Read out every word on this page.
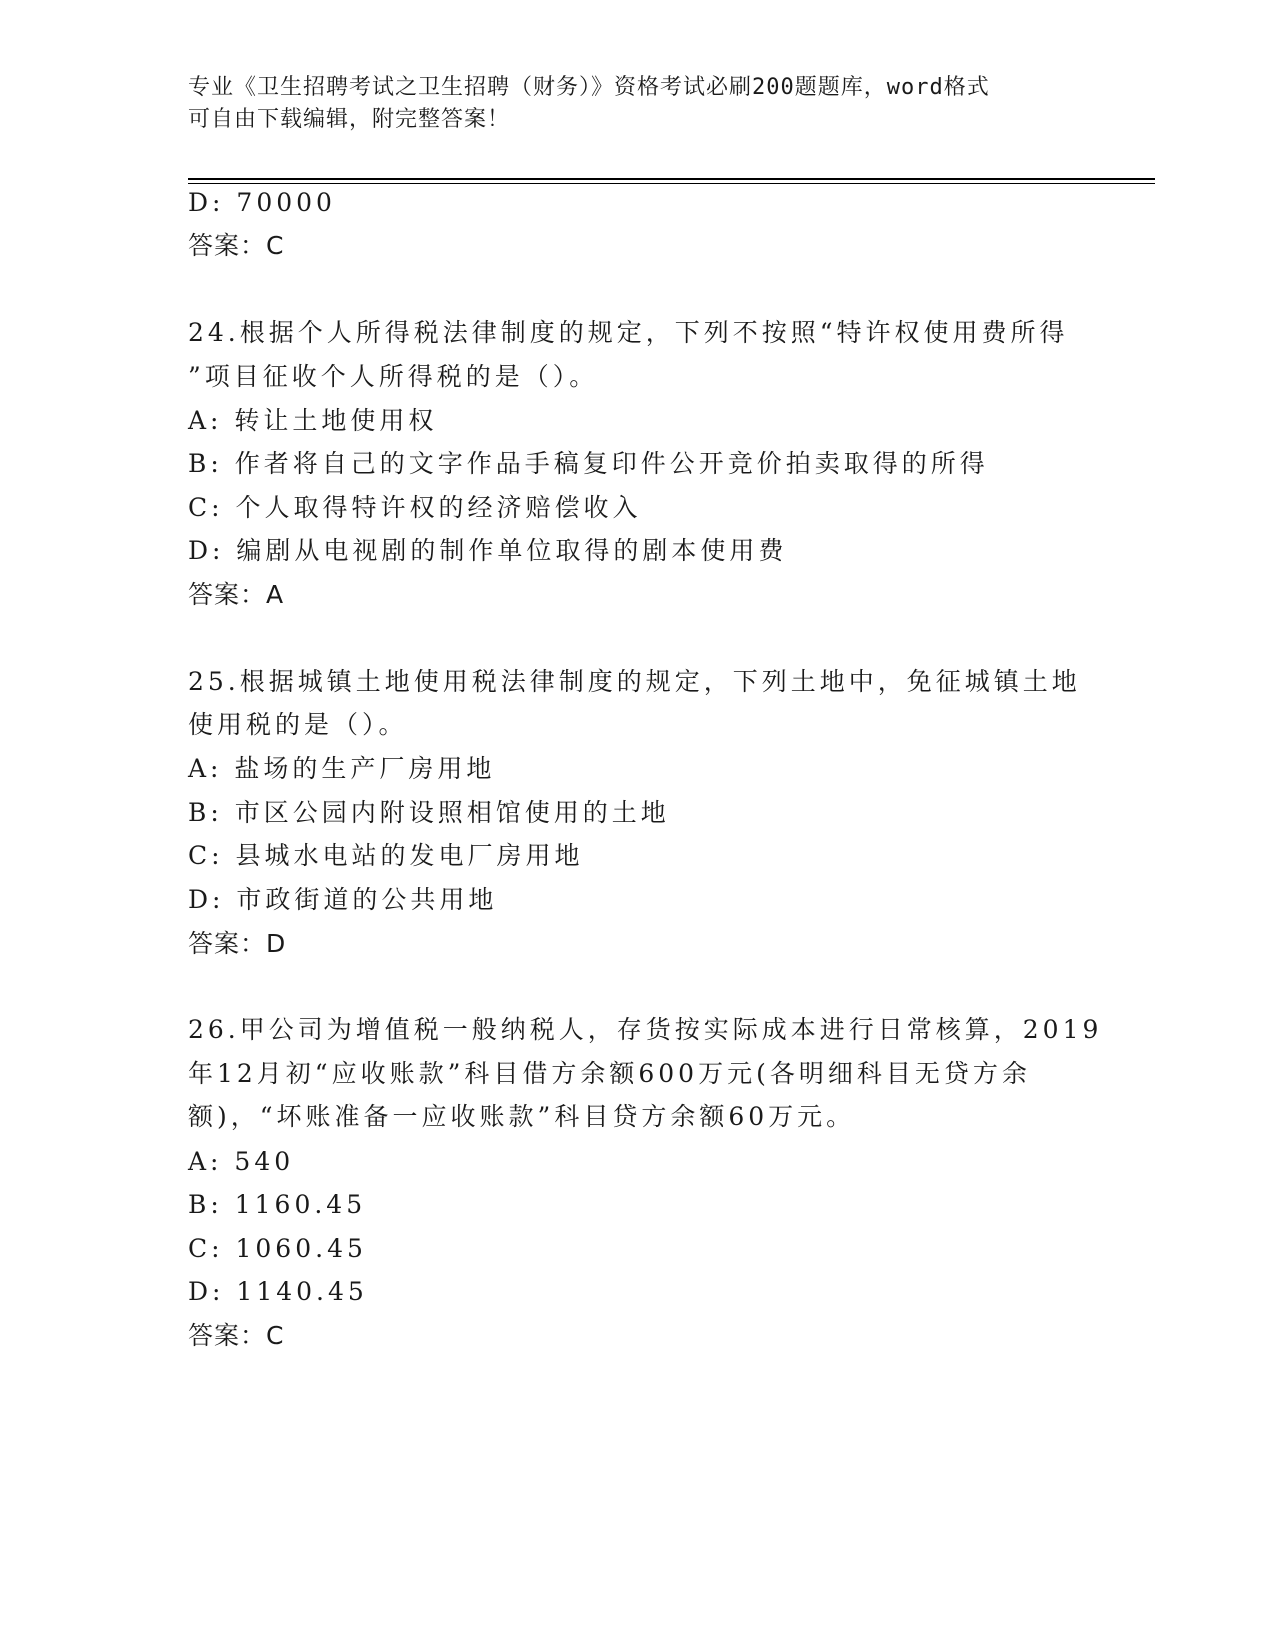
专业《卫生招聘考试之卫生招聘（财务）》资格考试必刷200题题库，word格式
可自由下载编辑，附完整答案！
D: 70000
答案：C
24.根据个人所得税法律制度的规定，下列不按照“特许权使用费所得
”项目征收个人所得税的是（）。
A: 转让土地使用权
B: 作者将自己的文字作品手稿复印件公开竞价拍卖取得的所得
C: 个人取得特许权的经济赔偿收入
D: 编剧从电视剧的制作单位取得的剧本使用费
答案：A
25.根据城镇土地使用税法律制度的规定，下列土地中，免征城镇土地
使用税的是（）。
A: 盐场的生产厂房用地
B: 市区公园内附设照相馆使用的土地
C: 县城水电站的发电厂房用地
D: 市政街道的公共用地
答案：D
26.甲公司为增值税一般纳税人，存货按实际成本进行日常核算，2019
年12月初“应收账款”科目借方余额600万元(各明细科目无贷方余
额)，“坏账准备一应收账款”科目贷方余额60万元。
A: 540
B: 1160.45
C: 1060.45
D: 1140.45
答案：C
